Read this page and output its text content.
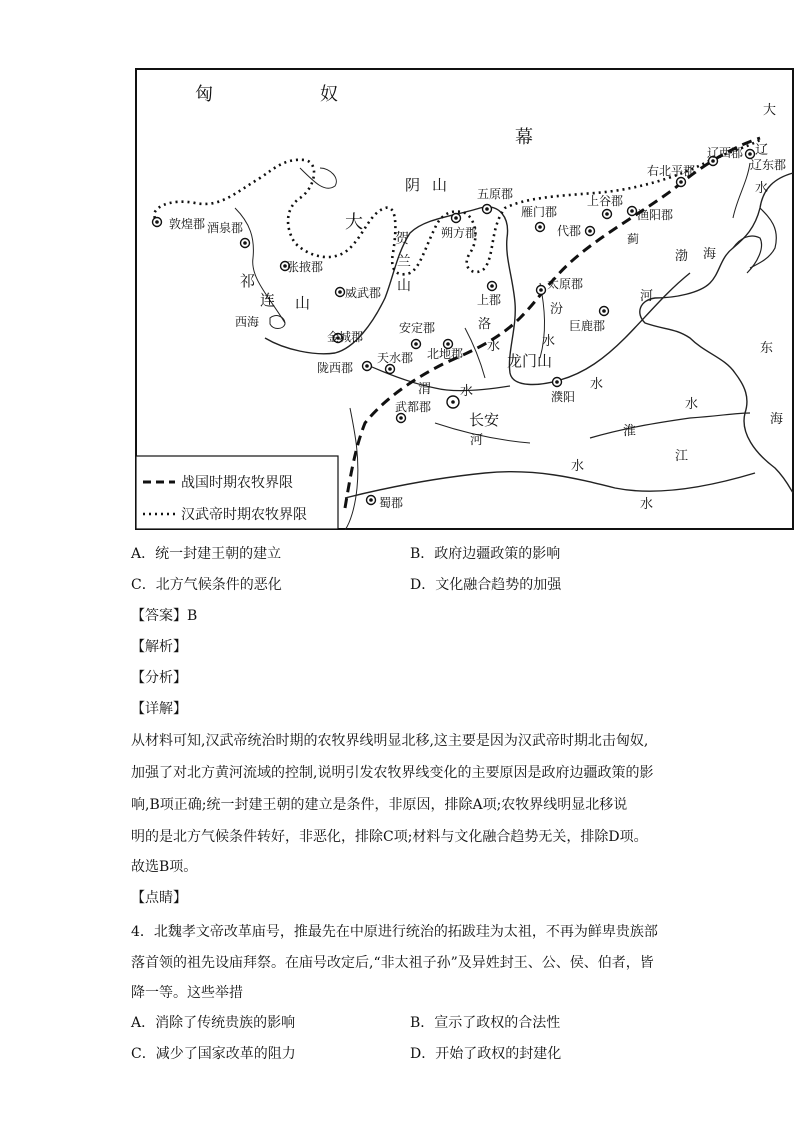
匈	奴
幕
大
大
阴 山
贺
兰
山
祁
连 山
西海
渤 海
东
海
河
龙门山
汾
水
洛
水
渭 水
河
水
水
淮
水
江
水
辽
水
蓟
敦煌郡 酒泉郡
张掖郡
威武郡
金城郡
陇西郡
天水郡
安定郡
北地郡
上郡
朔方郡
五原郡
雁门郡
代郡
上谷郡
渔阳郡
右北平郡
辽西郡
辽东郡
太原郡
巨鹿郡
濮阳
武都郡
长安
蜀郡
战国时期农牧界限
汉武帝时期农牧界限
A．统一封建王朝的建立	B．政府边疆政策的影响
C．北方气候条件的恶化	D．文化融合趋势的加强
【答案】B
【解析】
【分析】
【详解】
从材料可知,汉武帝统治时期的农牧界线明显北移,这主要是因为汉武帝时期北击匈奴,
加强了对北方黄河流域的控制,说明引发农牧界线变化的主要原因是政府边疆政策的影
响,B项正确;统一封建王朝的建立是条件，非原因，排除A项;农牧界线明显北移说
明的是北方气候条件转好，非恶化，排除C项;材料与文化融合趋势无关，排除D项。
故选B项。
【点睛】
4．北魏孝文帝改革庙号，推最先在中原进行统治的拓跋珪为太祖，不再为鲜卑贵族部
落首领的祖先设庙拜祭。在庙号改定后,“非太祖子孙”及异姓封王、公、侯、伯者，皆
降一等。这些举措
A．消除了传统贵族的影响	B．宣示了政权的合法性
C．减少了国家改革的阻力	D．开始了政权的封建化
